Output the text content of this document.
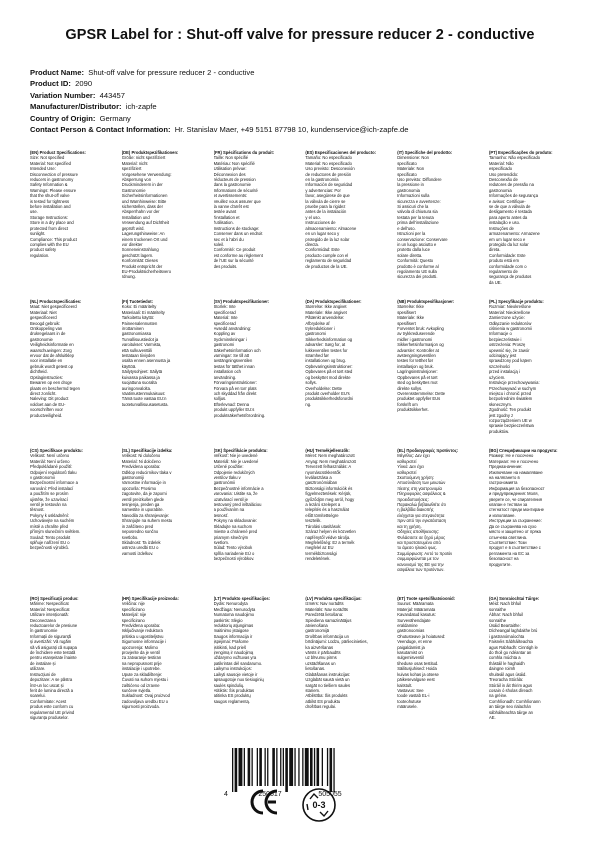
GPSR Label for : Shut-off valve for pressure reducer 2 - conductive
Product Name: Shut-off valve for pressure reducer 2 - conductive
Product ID: 2090
Variation Number: 443457
Manufacturer/Distributor: ich-zapfe
Country of Origin: Germany
Contact Person & Contact Information: Hr. Stanislav Maer, +49 5151 87798 10, kundenservice@ich-zapfe.de
(EN) Product Specifications:
Size: Not specified
Material: Not specified
Intended Use:
Disconnection of pressure
reducers in gastronomy
Safety Information &
Warnings: Please ensure
that the shut-off valve
is tested for tightness
before installation and
use.
Storage Instructions:
Store in a dry place and
protected from direct
sunlight.
Compliance: This product
complies with the EU
product safety
regulation.
(DE) Produktspezifikationen:
Größe: nicht spezifiziert
Material: nicht
spezifiziert
Vorgesehene Verwendung:
Absperrung von
Druckminderern in der
Gastronomie
Sicherheitsinformationen
und Warnhinweise: Bitte
sicherstellen, dass der
Absperrhahn vor der
Installation und
Verwendung auf Dichtheit
geprüft wird.
Lagerungshinweise: An
einem trockenen Ort und
vor direkter
Sonneneinstrahlung
geschützt lagern.
Konformität: Dieses
Produkt entspricht der
EU-Produktsicherheitsvero
rdnung.
(FR) Spécifications du produit:
Taille: Non spécifié
Matériau: Non spécifié
Utilisation prévue:
Déconnexion des
réducteurs de pression
dans la gastronomie
Informations de sécurité
et avertissements:
Veuillez vous assurer que
la vanne d'arrêt est
testée avant
l'installation et
l'utilisation.
Instructions de stockage:
Conserver dans un endroit
sec et à l'abri du
soleil.
Conformité: Ce produit
est conforme au règlement
de l'UE sur la sécurité
des produits.
(ES) Especificaciones del producto:
Tamaño: No especificado
Material: No especificado
Uso previsto: Desconexión
de reductores de presión
en la gastronomía
Información de seguridad
y advertencias: Por
favor, asegúrese de que
la válvula de cierre se
pruebe para la rigidez
antes de la instalación
y el uso.
Instrucciones de
almacenamiento: Almacene
en un lugar seco y
protegido de la luz solar
directa.
Conformidad: Este
producto cumple con el
reglamento de seguridad
de productos de la UE.
(IT) Specifiche del prodotto:
Dimensione: Non
specificato
Materiale: Non
specificato
Uso previsto: Diffondere
la pressione in
gastronomia
Informazioni sulla
sicurezza e avvertenze:
Si assicuri che la
valvola di chiusura sia
testata per la tenuta
prima dell'installazione
e dell'uso.
Istruzioni per la
conservazione: Conservare
in un luogo asciutto e
protetto dalla luce
solare diretta.
Conformità: Questo
prodotto è conforme al
regolamento UE sulla
sicurezza dei prodotti.
(PT) Especificações do produto:
Tamanho: Não especificado
Material: Não
especificado
Uso pretendido:
Desconexão de
redutores de pressão na
gastronomia
Informações de segurança
e avisos: Certifique-
se de que a válvula de
desligamento é testada
para aperto antes da
instalação e uso.
Instruções de
armazenamento: Armazene
em um lugar seco e
protegido da luz solar
direta.
Conformidade: Este
produto está em
conformidade com o
regulamento de
segurança de produtos
da UE.
(NL) Productspecificaties:
Maat: Niet gespecificeerd
Materiaal: Niet
gespecificeerd
Beoogd gebruik:
Ontkoppeling van
drukregelaars in de
gastronomie
Veiligheidsinformatie en
waarschuwingen: Zorg
ervoor dat de afsluitklep
voor installatie en
gebruik wordt getest op
dichtheid.
Opslaginstructies:
Bewaren op een droge
plaats en beschermd tegen
direct zonlicht.
Naleving: Dit product
voldoet aan de EU-
voorschriften voor
productveiligheid.
(FI) Tuotetiedot:
Koko: Ei määritelty
Materiaali: Ei määritelty
Tarkoitettu käyttö:
Paineenalennusten
irrottaminen
gastronomiassa
Turvallisuustiedot ja
varoitukset: Varmista,
että sulkuventtiili
testataan tiiviyden
osalta ennen asennusta ja
käyttöä.
Säilytysohjeet: Säilytä
kuivassa paikassa ja
suojattuna suoralta
auringonvalolta.
Vaatimustenmukaisuus:
Tämä tuote vastaa EU:n
tuoteturvallisuusasetusta.
(SV) Produktspecifikationer:
Storlek: Inte
specificerad
Material: Inte
specificerad
Avsedd användning:
Koppling av
tryckminskningar i
gastronomi
Säkerhetsinformation och
varningar: Se till att
avstängningsventilen
testas för tätthet innan
installation och
användning.
Förvaringsinstruktioner:
Förvara på en torr plats
och skyddad från direkt
solljus.
Efterlevnad: Denna
produkt uppfyller EU:s
produktsäkerhetsförordning.
(DA) Produktspecifikationer:
Størrelse: Ikke angivet
Materiale: Ikke angivet
Påtænkt anvendelse:
Afbrydelse af
trykreduktioner i
gastronomi
Sikkerhedsinformation og
advarsler: Sørg for, at
lukkeventilen testes for
stramhed før
installationen og brug.
Opbevaringsinstruktioner:
Opbevares på et tørt sted
og beskyttet mod direkte
sollys.
Overholdelse: Dette
produkt overholder EU's
produktsikkerhedsforordni
ng.
(NB) Produktspesifikasjoner:
Størrelse: Ikke
spesifisert
Materiale: Ikke
spesifisert
Forventet bruk: Avkopling
av trykkreduserende
midler i gastronomi
Sikkerhetsinformasjon og
advarsler: Kontroller at
avstengningsventilen
testes for tetthet før
installasjon og bruk.
Lagringsinstruksjoner:
Oppbevares på et tørt
sted og beskyttes mot
direkte sollys.
Overensstemmelse: Dette
produktet oppfyller EUs
forskrift om
produktsikkerhet.
(PL) Specyfikacje produktu:
Rozmiar: Nieokreślone
Materiał: Nieokreślone
Zamierzone użycie:
Odłączanie reduktorów
ciśnienia w gastronomii
Informacje o
bezpieczeństwie i
ostrzeżenia: Proszę
upewnić się, że zawór
odcinający jest
sprawdzony pod kątem
szczelności
przed instalacją i
użyciem.
Instrukcje przechowywania:
Przechowywać w suchym
miejscu i chronić przed
bezpośrednim światłem
słonecznym.
Zgodność: Ten produkt
jest zgodny z
rozporządzeniem UE w
sprawie bezpieczeństwa
produktów.
(CS) Specifikace produktu:
Velikost: Není určeno
Materiál: Není určeno
Předpokládané použití:
Odpojení regulátorů tlaku
v gastronomii
Bezpečnostní informace a
varování: Před instalací
a použitím se prosím
ujistěte, že uzavírací
ventil je testován na
těsnost.
Pokyny k uskladnění:
Uchovávejte na suchém
místě a chraňte před
přímým slunečním světlem.
Soulad: Tento produkt
splňuje nařízení EU o
bezpečnosti výrobků.
(SL) Specifikacije izdelka:
Velikost: Ni določeno
Material: Ni določeno
Predvidena uporaba:
Odklop reducirnikov tlaka v
gastronomiji
Varnostne informacije in
opozorila: Prosimo
zagotovite, da je zaporni
ventil preizkušen glede
tesnjenja, preden ga
namestite in uporabite.
Navodila za shranjevanje:
Shranjujte na suhem mestu
in zaščiteno pred
neposredno sončno
svetlobo.
Skladnost: Ta izdelek
ustreza uredbi EU o
varnosti izdelkov.
(SK) Špecifikácie produktu:
Veľkosť: Nie je uvedené
Materiál: Nie je uvedené
Určené použitie:
Odpojenie redukčných
ventilov tlaku v
gastronómii
Bezpečnostné informácie a
varovania: Uistite sa, že
uzatvárací ventil je
testovaný pred inštaláciou
a používaním na
tesnosť.
Pokyny na skladovanie:
Skladujte na suchom
mieste a chránené pred
priamym slnečným
svetlom.
Súlad: Tento výrobok
spĺňa nariadenie EÚ o
bezpečnosti výrobkov.
(HU) Termékjellemzők:
Méret: Nem meghatározott
Anyag: Nem meghatározott
Tervezett felhasználás: A
nyomáscsökkentők
leválasztása a
gasztronómiában
Biztonsági információk és
figyelmeztetések: Kérjük,
győződjön meg arról, hogy
a lezáró szelepet a
telepítés és a használat
előtt tömítettségre
tesztelik.
Tárolási utasítások:
Száraz helyen és közvetlen
napfénytől védve tárolja.
Megfelelőség: Ez a termék
megfelel az EU
termékbiztonsági
rendeletének.
(EL) Προδιαγραφές προϊόντος:
Μέγεθος: Δεν έχει
καθοριστεί
Υλικό: Δεν έχει
καθοριστεί
Σκοπούμενη χρήση:
Αποσύνδεση των μειωτών
πίεσης στη γαστρονομία
Πληροφορίες ασφάλειας &
προειδοποιήσεις:
Παρακαλώ βεβαιωθείτε ότι
η βαλβίδα διακοπής
ελέγχεται για στεγανότητα
πριν από την εγκατάσταση
και τη χρήση.
Οδηγίες αποθήκευσης:
Φυλάσσετε σε ξηρό μέρος
και προστατευμένο από
το άμεσο ηλιακό φως.
Συμμόρφωση: Αυτό το προϊόν
συμμορφώνεται με τον
κανονισμό της ΕΕ για την
ασφάλεια των προϊόντων.
(BG) Спецификации на продукта:
Размер: Не е посочено
Материал: Не е посочено
Предназначение:
Изключване на намаляване
на налягането в
гастрономията
Информация за безопасност
и предупреждения: Моля,
уверете се, че спирателния
клапан е тестван за
стегнатост преди монтиране
и използване.
Инструкции за съхранение:
Да се съхранява на сухо
място и защитено от пряка
слънчева светлина.
Съответствие: Този
продукт е в съответствие с
регламента на ЕС за
безопасност на
продуктите.
(RO) Specificații produs:
Mărime: Nespecificat
Material: Nespecificat
Utilizare intenționată:
Deconectarea
reductoarelor de presiune
în gastronomie
Informații de siguranță
și avertizări: Vă rugăm
să vă asigurați că supapa
de închidere este testată
pentru etanșeitate înainte
de instalare și
utilizare.
Instrucțiuni de
depozitare: A se păstra
într-un loc uscat și
ferit de lumina directă a
soarelui.
Conformitate: Acest
produs este conform cu
regulamentul UE privind
siguranța produselor.
(HR) Specifikacije proizvoda:
Veličina: nije
specificirano
Materijal: nije
specificirano
Predviđena uporaba:
Isključivanje reduktora
pritiska u ugostiteljstvu
Sigurnosne informacije i
upozorenja: Molimo
provjerite da je ventil
za zatvaranje testiran
na nepropusnost prije
instalacije i upotrebe.
Upute za skladištenje:
Čuvati na suhom mjestu i
zaštićeno od izravne
sunčeve svjetla.
Sukladnost: Ovaj proizvod
zadovoljava uredbu EU o
sigurnosti proizvoda.
(LT) Produkto specifikacijos:
Dydis: Nenurodyta
Medžiaga: Nenurodyta
Numatoma naudojimo
paskirtis: Slėgio
reduktorių atjungimas
maitinimo įstaigose
Saugos informacija ir
įspėjimai: Prašome
įsitikinti, kad prieš
įrengimą ir naudojimą
uždarymo vožtuvas yra
patikrintas dėl sandarumo.
Laikymo instrukcijos:
Laikyti sausoje vietoje ir
apsaugotoje nuo tiesioginių
saulės spindulių.
Atitiktis: Šis produktas
atitinka ES produktų
saugos reglamentą.
(LV) Produkta specifikācijas:
Izmērs: Nav norādīts
Materiāls: Nav norādīts
Paredzētā lietošana:
Spiediena samazinātājus
atvienošana
gastronomijā
Drošības informācija un
brīdinājumi: Lūdzu, pārliecinieties,
ka aizvēršanas
vārsts ir pārbaudīts
uz blīvumu pirms
uzstādīšanas un
lietošanas.
Glabāšanas instrukcijas:
Uzglabāt sausā vietā un
sargāt no tiešiem saules
stariem.
Atbilstība: Šis produkts
atbilst ES produktu
drošības regulai.
(ET) Toote spetsifikatsioonid:
Suurus: Määramata
Materjal: Määramata
Kavandatud kasutus:
Survevähendajate
eraldamine
gastronoomias
Ohutusteave ja hoiatused:
Veenduge, et enne
paigaldamist ja
kasutamist on
sulgemisventiil
tiheduse osas testitud.
Säilitusjuhised: Hoida
kuivas kohas ja otsese
päikesevalguse eest
kaitstult.
Vastavus: See
toode vastab EL-i
tooteohutuse
määrusele.
(GA) Sonraíochtaí Táirge:
Méid: Nach bhfuil
sonraithe
Ábhar: Nach bhfuil
sonraithe
Úsáid Beartaithe:
Dícheangal laghdaithe brú
i gastranómaíochta
Faisnéis Sábháilteachta
agus Rabhadh: Cinntigh le
do thoil go ndéantar an
comhla múchta a
thástáil le haghaidh
daingne roimh
shuiteáil agus úsáid.
Treoracha Stórála:
Stóráil in áit thirim agus
cosain ó sholas díreach
na gréine.
Comhlíonadh: Comhlíonann
an táirge seo rialachán
sábháilteachta táirge an
AE.
4	250517	505055
CE
0-3
